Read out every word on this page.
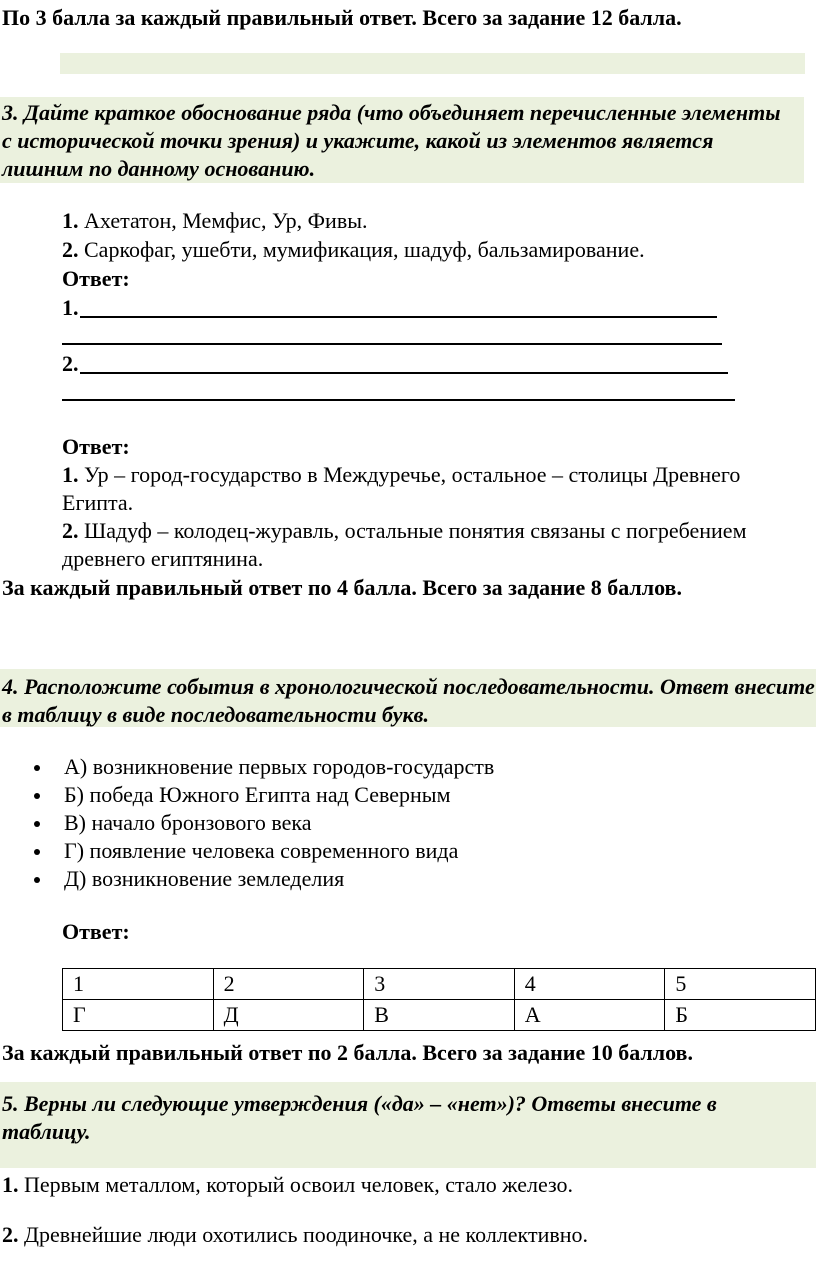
По 3 балла за каждый правильный ответ. Всего за задание 12 балла.
3. Дайте краткое обоснование ряда (что объединяет перечисленные элементы с исторической точки зрения) и укажите, какой из элементов является лишним по данному основанию.
1. Ахетатон, Мемфис, Ур, Фивы.
2. Саркофаг, ушебти, мумификация, шадуф, бальзамирование.
Ответ:
1.
2.
Ответ:
1. Ур – город-государство в Междуречье, остальное – столицы Древнего Египта.
2. Шадуф – колодец-журавль, остальные понятия связаны с погребением древнего египтянина.
За каждый правильный ответ по 4 балла. Всего за задание 8 баллов.
4. Расположите события в хронологической последовательности. Ответ внесите в таблицу в виде последовательности букв.
А) возникновение первых городов-государств
Б) победа Южного Египта над Северным
В) начало бронзового века
Г) появление человека современного вида
Д) возникновение земледелия
Ответ:
1	2	3	4	5
Г	Д	В	А	Б
За каждый правильный ответ по 2 балла. Всего за задание 10 баллов.
5. Верны ли следующие утверждения («да» – «нет»)? Ответы внесите в таблицу.
1. Первым металлом, который освоил человек, стало железо.
2. Древнейшие люди охотились поодиночке, а не коллективно.
